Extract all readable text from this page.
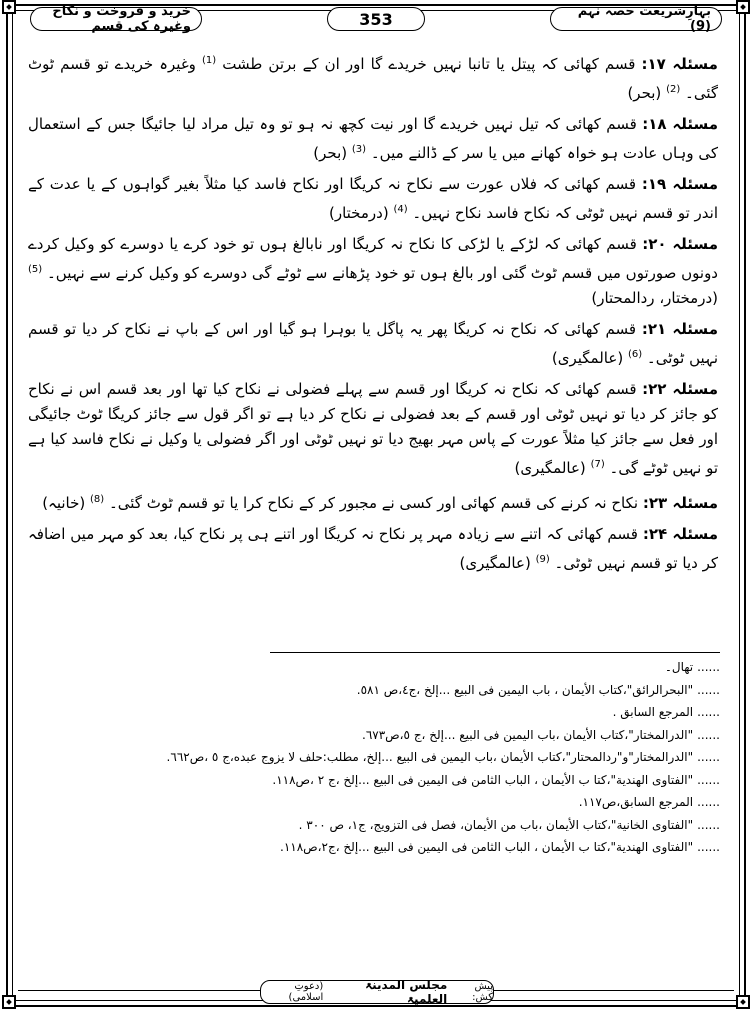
خرید و فروخت و نکاح وغیرہ کی قسم	353	بہارِشریعت حصہ نہم (9)

مسئلہ ۱۷: قسم کھائی کہ پیتل یا تانبا نہیں خریدے گا اور ان کے برتن طشت $^{(1)}$ وغیرہ خریدے تو قسم ٹوٹ گئی۔ $^{(2)}$ (بحر)

مسئلہ ۱۸: قسم کھائی کہ تیل نہیں خریدے گا اور نیت کچھ نہ ہو تو وہ تیل مراد لیا جائیگا جس کے استعمال کی وہاں عادت ہو خواہ کھانے میں یا سر کے ڈالنے میں۔ $^{(3)}$ (بحر)

مسئلہ ۱۹: قسم کھائی کہ فلاں عورت سے نکاح نہ کریگا اور نکاح فاسد کیا مثلاً بغیر گواہوں کے یا عدت کے اندر تو قسم نہیں ٹوٹی کہ نکاح فاسد نکاح نہیں۔ $^{(4)}$ (درمختار)

مسئلہ ۲۰: قسم کھائی کہ لڑکے یا لڑکی کا نکاح نہ کریگا اور نابالغ ہوں تو خود کرے یا دوسرے کو وکیل کردے دونوں صورتوں میں قسم ٹوٹ گئی اور بالغ ہوں تو خود پڑھانے سے ٹوٹے گی دوسرے کو وکیل کرنے سے نہیں۔ $^{(5)}$ (درمختار، ردالمحتار)

مسئلہ ۲۱: قسم کھائی کہ نکاح نہ کریگا پھر یہ پاگل یا بوہرا ہو گیا اور اس کے باپ نے نکاح کر دیا تو قسم نہیں ٹوٹی۔ $^{(6)}$ (عالمگیری)

مسئلہ ۲۲: قسم کھائی کہ نکاح نہ کریگا اور قسم سے پہلے فضولی نے نکاح کیا تھا اور بعد قسم اس نے نکاح کو جائز کر دیا تو نہیں ٹوٹی اور قسم کے بعد فضولی نے نکاح کر دیا ہے تو اگر قول سے جائز کریگا ٹوٹ جائیگی اور فعل سے جائز کیا مثلاً عورت کے پاس مہر بھیج دیا تو نہیں ٹوٹی اور اگر فضولی یا وکیل نے نکاح فاسد کیا ہے تو نہیں ٹوٹے گی۔ $^{(7)}$ (عالمگیری)

مسئلہ ۲۳: نکاح نہ کرنے کی قسم کھائی اور کسی نے مجبور کر کے نکاح کرا یا تو قسم ٹوٹ گئی۔ $^{(8)}$ (خانیہ)

مسئلہ ۲۴: قسم کھائی کہ اتنے سے زیادہ مہر پر نکاح نہ کریگا اور اتنے ہی پر نکاح کیا، بعد کو مہر میں اضافہ کر دیا تو قسم نہیں ٹوٹی۔ $^{(9)}$ (عالمگیری)

......تھال۔
......"البحرالرائق"،کتاب الأیمان ، باب الیمین فی البیع ...إلخ ،ج٤،ص ٥٨١.
......المرجع السابق .
......"الدرالمختار"،کتاب الأیمان ،باب الیمین فی البیع ...إلخ ،ج ٥،ص٦٧٣.
......"الدرالمختار"و"ردالمحتار"،کتاب الأیمان ،باب الیمین فی البیع ...إلخ، مطلب:حلف لا یزوج عبده،ج ٥ ،ص٦٦٢.
......"الفتاوی الھندیة"،کتا ب الأیمان ، الباب الثامن فی الیمین فی البیع ...إلخ ،ج ٢ ،ص١١٨.
......المرجع السابق،ص١١٧.
......"الفتاوی الخانیة"،کتاب الأیمان ،باب من الأیمان، فصل فی التزویج، ج١، ص ٣٠٠ .
......"الفتاوی الھندیة"،کتا ب الأیمان ، الباب الثامن فی الیمین فی البیع ...إلخ ،ج٢،ص١١٨.
پیش کش:
مجلس المدینۃ العلمیۃ
(دعوتِ اسلامی)
